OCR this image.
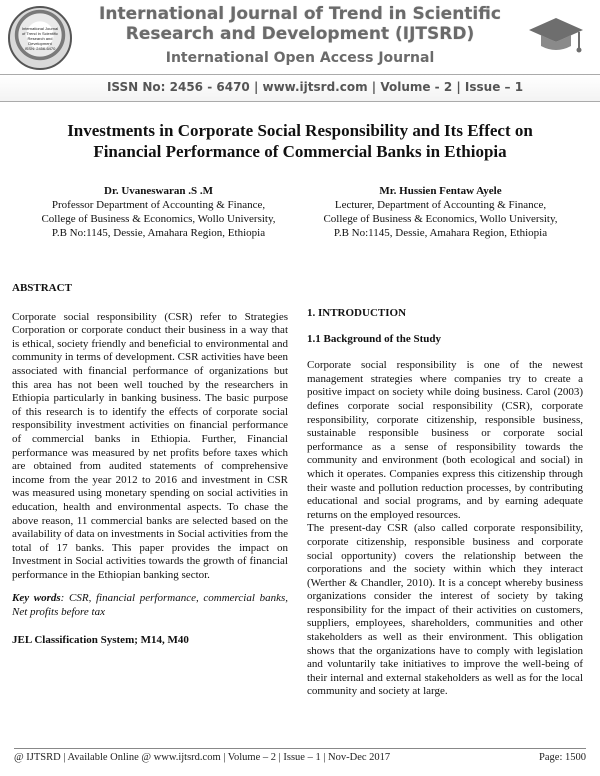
International Journal
of Trend in Scientific
Research and
Development
ISSN: 2456-6470
International Journal of Trend in Scientific
Research and Development (IJTSRD)
International Open Access Journal
ISSN No: 2456 - 6470 | www.ijtsrd.com | Volume - 2 | Issue – 1
Investments in Corporate Social Responsibility and Its Effect on
Financial Performance of Commercial Banks in Ethiopia
Dr. Uvaneswaran .S .M
Professor Department of Accounting & Finance,
College of Business & Economics, Wollo University,
P.B No:1145, Dessie, Amahara Region, Ethiopia
Mr. Hussien Fentaw Ayele
Lecturer, Department of Accounting & Finance,
College of Business & Economics, Wollo University,
P.B No:1145, Dessie, Amahara Region, Ethiopia
ABSTRACT

Corporate social responsibility (CSR) refer to Strategies Corporation or corporate conduct their business in a way that is ethical, society friendly and beneficial to environmental and community in terms of development. CSR activities have been associated with financial performance of organizations but this area has not been well touched by the researchers in Ethiopia particularly in banking business. The basic purpose of this research is to identify the effects of corporate social responsibility investment activities on financial performance of commercial banks in Ethiopia. Further, Financial performance was measured by net profits before taxes which are obtained from audited statements of comprehensive income from the year 2012 to 2016 and investment in CSR was measured using monetary spending on social activities in education, health and environmental aspects. To chase the above reason, 11 commercial banks are selected based on the availability of data on investments in Social activities from the total of 17 banks. This paper provides the impact on Investment in Social activities towards the growth of financial performance in the Ethiopian banking sector.

Key words: CSR, financial performance, commercial banks, Net profits before tax

JEL Classification System; M14, M40

1. INTRODUCTION
1.1 Background of the Study

Corporate social responsibility is one of the newest management strategies where companies try to create a positive impact on society while doing business. Carol (2003) defines corporate social responsibility (CSR), corporate responsibility, corporate citizenship, responsible business, sustainable responsible business or corporate social performance as a sense of responsibility towards the community and environment (both ecological and social) in which it operates. Companies express this citizenship through their waste and pollution reduction processes, by contributing educational and social programs, and by earning adequate returns on the employed resources.

The present-day CSR (also called corporate responsibility, corporate citizenship, responsible business and corporate social opportunity) covers the relationship between the corporations and the society within which they interact (Werther & Chandler, 2010). It is a concept whereby business organizations consider the interest of society by taking responsibility for the impact of their activities on customers, suppliers, employees, shareholders, communities and other stakeholders as well as their environment. This obligation shows that the organizations have to comply with legislation and voluntarily take initiatives to improve the well-being of their internal and external stakeholders as well as for the local community and society at large.

@ IJTSRD | Available Online @ www.ijtsrd.com | Volume – 2 | Issue – 1 | Nov-Dec 2017	Page: 1500
